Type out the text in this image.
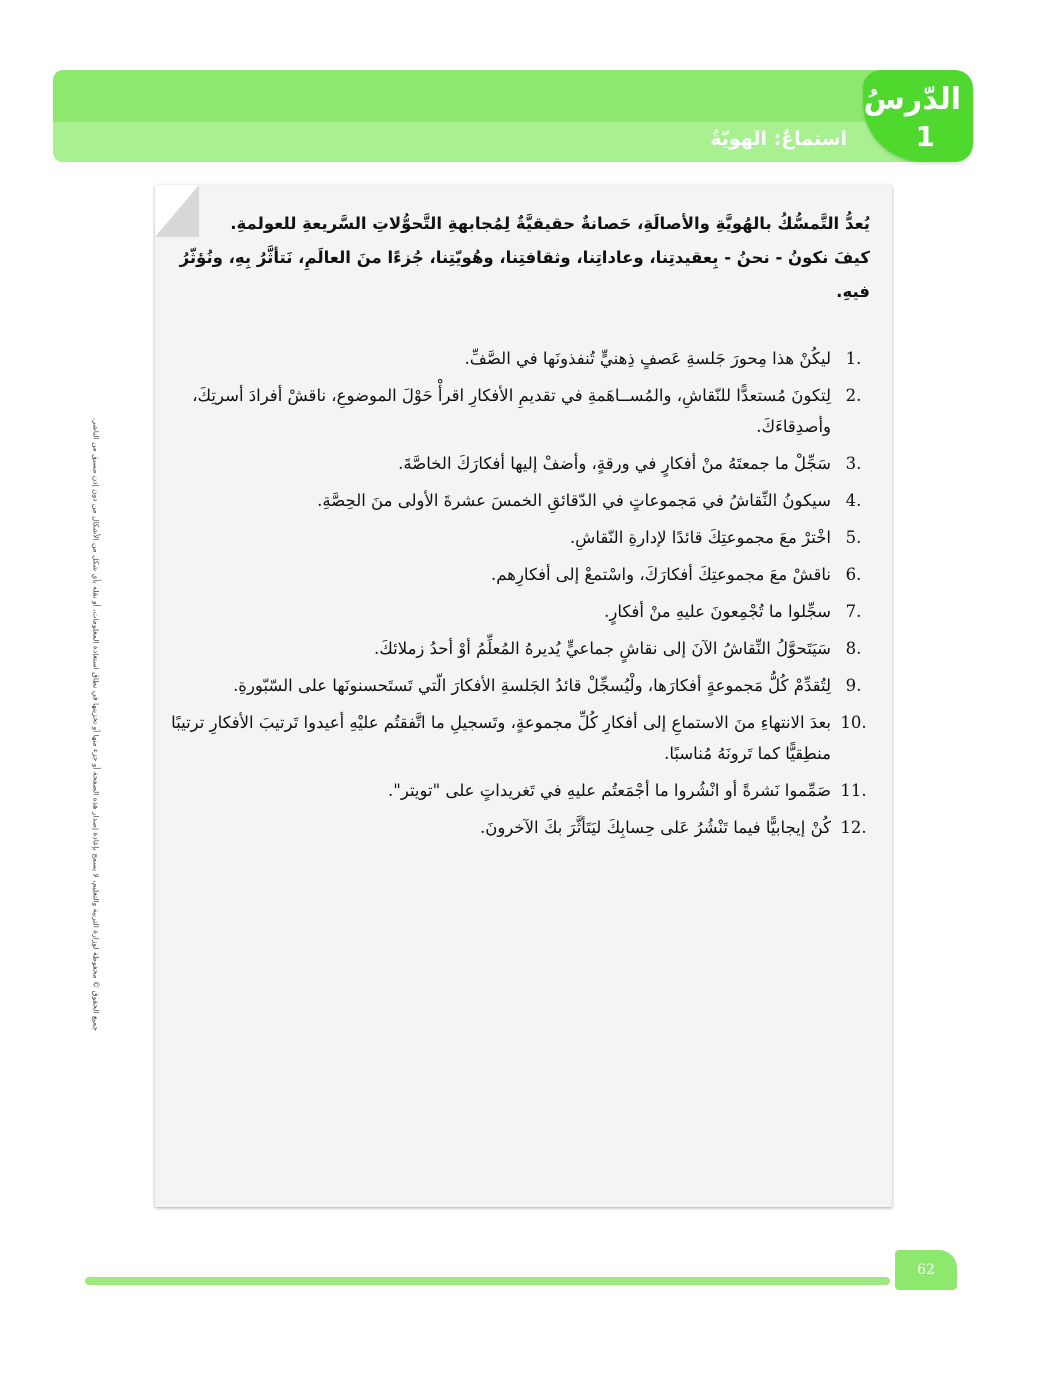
استماعٌ: الهويّةُ
الدّرسُ
1
جميع الحقوق © محفوظة لوزارة التربية والتعليم، لا يسمح بإعادة إصدار هذه الصفحة أو جزء منها أو تخزينها في نطاق استعادة المعلومات، أو نقله بأي شكل من الأشكال من دون إذن مسبق من الناشر.
يُعدُّ التَّمسُّكُ بالهُويَّةِ والأصالَةِ، حَصانةٌ حقيقيَّةٌ لِمُجابهةِ التَّحوُّلاتِ السَّريعةِ للعولمةِ.
كيفَ نكونُ - نحنُ - بِعقيدتِنا، وعاداتِنا، وثقافتِنا، وهُويّتِنا، جُزءًا منَ العالَمِ، نَتأثَّرُ بِهِ، ونُؤثّرُ فيهِ.
1.
ليكُنْ هذا مِحورَ جَلسةِ عَصفٍ ذِهنيٍّ تُنفذونَها في الصَّفِّ.
2.
لِتكونَ مُستعدًّا للنّقاشِ، والمُســاهَمةِ في تقديمِ الأفكارِ اقرأْ حَوْلَ الموضوعِ، ناقشْ أفرادَ أسرتِكَ، وأصدِقاءَكَ.
3.
سَجِّلْ ما جمعتَهُ منْ أفكارٍ في ورقةٍ، وأضفْ إليها أفكارَكَ الخاصَّةَ.
4.
سيكونُ النِّقاشُ في مَجموعاتٍ في الدّقائقِ الخمسَ عشرةَ الأولى منَ الحِصَّةِ.
5.
اخْترْ معَ مجموعتِكَ قائدًا لإدارةِ النّقاشِ.
6.
ناقشْ معَ مجموعتِكَ أفكارَكَ، واسْتمعْ إلى أفكارِهم.
7.
سجِّلوا ما تُجْمِعونَ عليهِ منْ أفكارٍ.
8.
سَيَتَحوَّلُ النِّقاشُ الآنَ إلى نقاشٍ جماعيٍّ يُديرهُ المُعلِّمُ أوْ أحدُ زملائكَ.
9.
لِتُقدِّمْ كُلُّ مَجموعةٍ أفكارَها، ولْيُسجِّلْ قائدُ الجَلسةِ الأفكارَ الّتي تَستَحسنونَها على السّبّورةِ.
10.
بعدَ الانتهاءِ منَ الاستماعِ إلى أفكارِ كُلِّ مجموعةٍ، وتَسجيلِ ما اتَّفقتُم عليْهِ أعيدوا تَرتيبَ الأفكارِ ترتيبًا منطِقيًّا كما تَرونَهُ مُناسبًا.
11.
صَمِّموا نَشرةً أو انْشُروا ما أجْمَعتُم عليهِ في تَغريداتٍ على "تويتر".
12.
كُنْ إيجابيًّا فيما تَنْشُرُ عَلى حِسابِكَ ليَتَأثَّرَ بكَ الآخرونَ.
62
